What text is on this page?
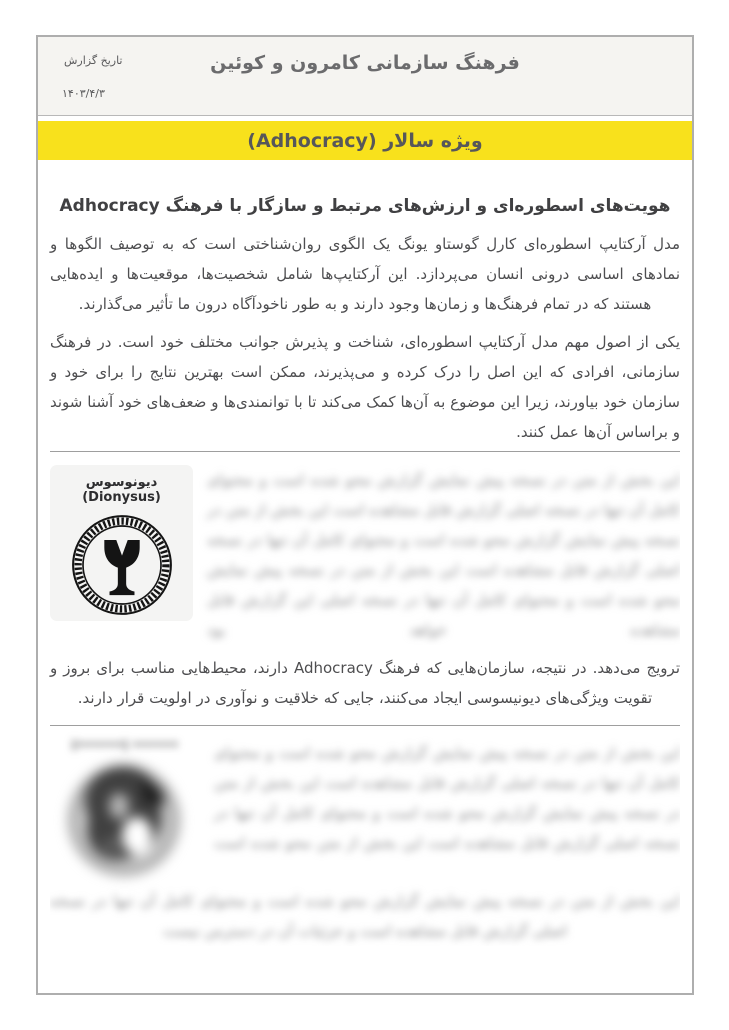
تاریخ گزارش
۱۴۰۳/۴/۳
فرهنگ سازمانی کامرون و کوئین
ویژه سالار (Adhocracy)
هویت‌های اسطوره‌ای و ارزش‌های مرتبط و سازگار با فرهنگ Adhocracy

مدل آرکتایپ اسطوره‌ای کارل گوستاو یونگ یک الگوی روان‌شناختی است که به توصیف الگوها و نمادهای اساسی درونی انسان می‌پردازد. این آرکتایپ‌ها شامل شخصیت‌ها، موقعیت‌ها و ایده‌هایی هستند که در تمام فرهنگ‌ها و زمان‌ها وجود دارند و به طور ناخودآگاه درون ما تأثیر می‌گذارند.

یکی از اصول مهم مدل آرکتایپ اسطوره‌ای، شناخت و پذیرش جوانب مختلف خود است. در فرهنگ سازمانی، افرادی که این اصل را درک کرده و می‌پذیرند، ممکن است بهترین نتایج را برای خود و سازمان خود بیاورند، زیرا این موضوع به آن‌ها کمک می‌کند تا با توانمندی‌ها و ضعف‌های خود آشنا شوند و براساس آن‌ها عمل کنند.

دیونوسوس (Dionysus)

این بخش از متن در نسخه پیش نمایش گزارش محو شده است و محتوای کامل آن تنها در نسخه اصلی گزارش قابل مشاهده است این بخش از متن در نسخه پیش نمایش گزارش محو شده است و محتوای کامل آن تنها در نسخه اصلی گزارش قابل مشاهده است این بخش از متن در نسخه پیش نمایش محو شده است و محتوای کامل آن تنها در نسخه اصلی این گزارش قابل مشاهده خواهد بود

ترویج می‌دهد. در نتیجه، سازمان‌هایی که فرهنگ Adhocracy دارند، محیط‌هایی مناسب برای بروز و تقویت ویژگی‌های دیونیسوسی ایجاد می‌کنند، جایی که خلاقیت و نوآوری در اولویت قرار دارند.

•••••• (••••••)	این بخش از متن در نسخه پیش نمایش گزارش محو شده است و محتوای کامل آن تنها در نسخه اصلی گزارش قابل مشاهده است این بخش از متن در نسخه پیش نمایش گزارش محو شده است و محتوای کامل آن تنها در نسخه اصلی گزارش قابل مشاهده است این بخش از متن محو شده است

این بخش از متن در نسخه پیش نمایش گزارش محو شده است و محتوای کامل آن تنها در نسخه اصلی گزارش قابل مشاهده است و جزئیات آن در دسترس نیست
